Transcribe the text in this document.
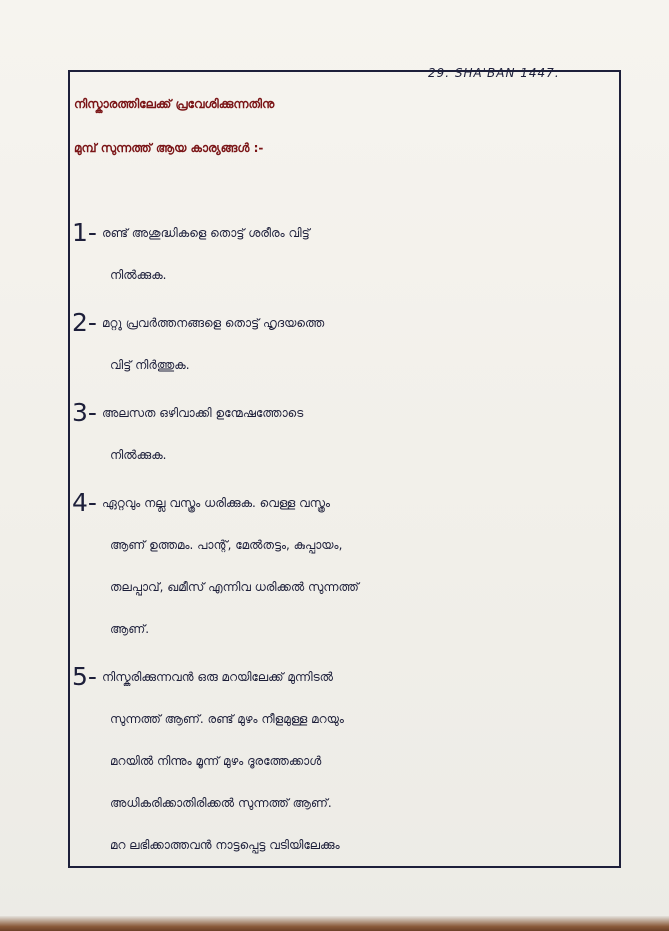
29. SHA'BAN 1447.
നിസ്കാരത്തിലേക്ക് പ്രവേശിക്കുന്നതിനു
മുമ്പ് സുന്നത്ത് ആയ കാര്യങ്ങൾ :-
1- രണ്ട് അശുദ്ധികളെ തൊട്ട് ശരീരം വിട്ട്
നിൽക്കുക.
2- മറ്റു പ്രവർത്തനങ്ങളെ തൊട്ട് ഹൃദയത്തെ
വിട്ട് നിർത്തുക.
3- അലസത ഒഴിവാക്കി ഉന്മേഷത്തോടെ
നിൽക്കുക.
4- ഏറ്റവും നല്ല വസ്ത്രം ധരിക്കുക. വെള്ള വസ്ത്രം
ആണ് ഉത്തമം. പാന്റ്, മേൽതട്ടം, കുപ്പായം,
തലപ്പാവ്, ഖമീസ് എന്നിവ ധരിക്കൽ സുന്നത്ത്
ആണ്.
5- നിസ്കരിക്കുന്നവൻ ഒരു മറയിലേക്ക് മുന്നിടൽ
സുന്നത്ത് ആണ്. രണ്ട് മുഴം നീളമുള്ള മറയും
മറയിൽ നിന്നും മൂന്ന് മുഴം ദൂരത്തേക്കാൾ
അധികരിക്കാതിരിക്കൽ സുന്നത്ത് ആണ്.
മറ ലഭിക്കാത്തവൻ നാട്ടപ്പെട്ട വടിയിലേക്കും
